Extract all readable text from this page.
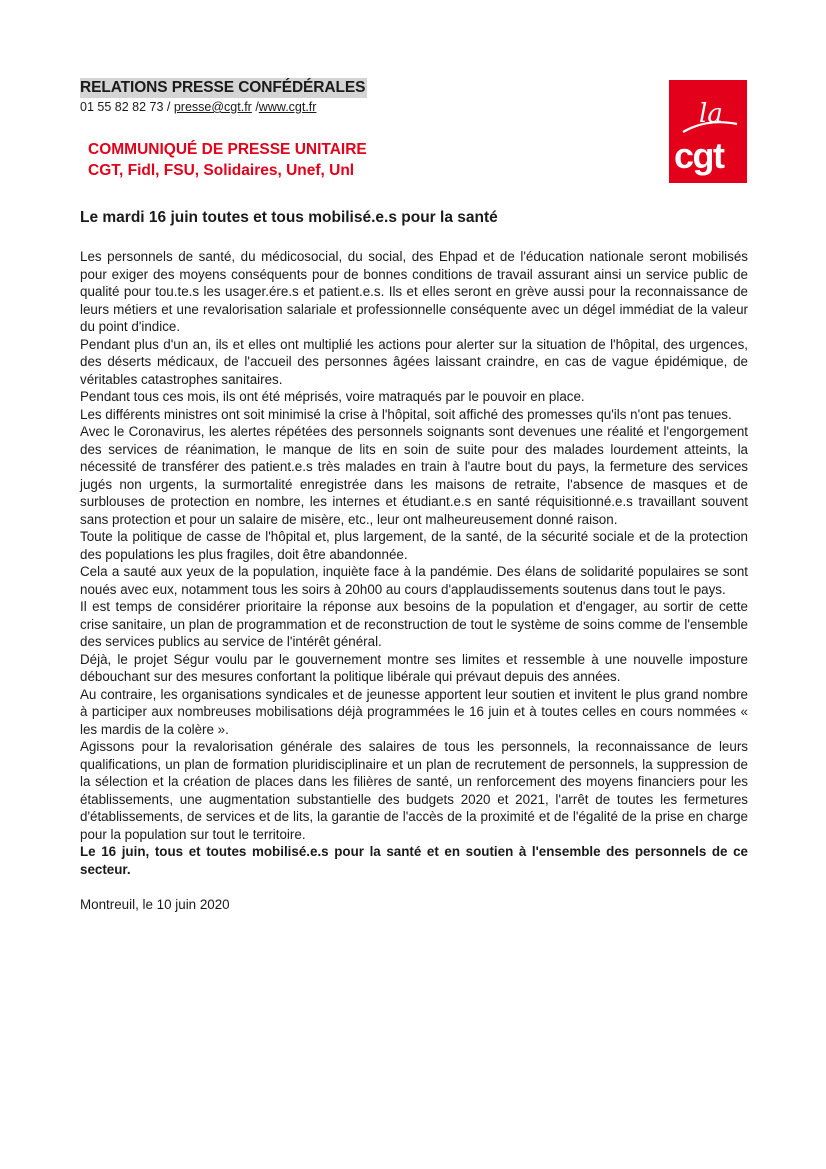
RELATIONS PRESSE CONFÉDÉRALES
01 55 82 82 73 / presse@cgt.fr /www.cgt.fr
COMMUNIQUÉ DE PRESSE UNITAIRE
CGT, Fidl, FSU, Solidaires, Unef, Unl
la
cgt
Le mardi 16 juin toutes et tous mobilisé.e.s pour la santé

Les personnels de santé, du médicosocial, du social, des Ehpad et de l'éducation nationale seront mobilisés pour exiger des moyens conséquents pour de bonnes conditions de travail assurant ainsi un service public de qualité pour tou.te.s les usager.ére.s et patient.e.s. Ils et elles seront en grève aussi pour la reconnaissance de leurs métiers et une revalorisation salariale et professionnelle conséquente avec un dégel immédiat de la valeur du point d'indice.

Pendant plus d'un an, ils et elles ont multiplié les actions pour alerter sur la situation de l'hôpital, des urgences, des déserts médicaux, de l'accueil des personnes âgées laissant craindre, en cas de vague épidémique, de véritables catastrophes sanitaires.

Pendant tous ces mois, ils ont été méprisés, voire matraqués par le pouvoir en place.

Les différents ministres ont soit minimisé la crise à l'hôpital, soit affiché des promesses qu'ils n'ont pas tenues.

Avec le Coronavirus, les alertes répétées des personnels soignants sont devenues une réalité et l'engorgement des services de réanimation, le manque de lits en soin de suite pour des malades lourdement atteints, la nécessité de transférer des patient.e.s très malades en train à l'autre bout du pays, la fermeture des services jugés non urgents, la surmortalité enregistrée dans les maisons de retraite, l'absence de masques et de surblouses de protection en nombre, les internes et étudiant.e.s en santé réquisitionné.e.s travaillant souvent sans protection et pour un salaire de misère, etc., leur ont malheureusement donné raison.

Toute la politique de casse de l'hôpital et, plus largement, de la santé, de la sécurité sociale et de la protection des populations les plus fragiles, doit être abandonnée.

Cela a sauté aux yeux de la population, inquiète face à la pandémie. Des élans de solidarité populaires se sont noués avec eux, notamment tous les soirs à 20h00 au cours d'applaudissements soutenus dans tout le pays.

Il est temps de considérer prioritaire la réponse aux besoins de la population et d'engager, au sortir de cette crise sanitaire, un plan de programmation et de reconstruction de tout le système de soins comme de l'ensemble des services publics au service de l'intérêt général.

Déjà, le projet Ségur voulu par le gouvernement montre ses limites et ressemble à une nouvelle imposture débouchant sur des mesures confortant la politique libérale qui prévaut depuis des années.

Au contraire, les organisations syndicales et de jeunesse apportent leur soutien et invitent le plus grand nombre à participer aux nombreuses mobilisations déjà programmées le 16 juin et à toutes celles en cours nommées « les mardis de la colère ».

Agissons pour la revalorisation générale des salaires de tous les personnels, la reconnaissance de leurs qualifications, un plan de formation pluridisciplinaire et un plan de recrutement de personnels, la suppression de la sélection et la création de places dans les filières de santé, un renforcement des moyens financiers pour les établissements, une augmentation substantielle des budgets 2020 et 2021, l'arrêt de toutes les fermetures d'établissements, de services et de lits, la garantie de l'accès de la proximité et de l'égalité de la prise en charge pour la population sur tout le territoire.

Le 16 juin, tous et toutes mobilisé.e.s pour la santé et en soutien à l'ensemble des personnels de ce secteur.

Montreuil, le 10 juin 2020
